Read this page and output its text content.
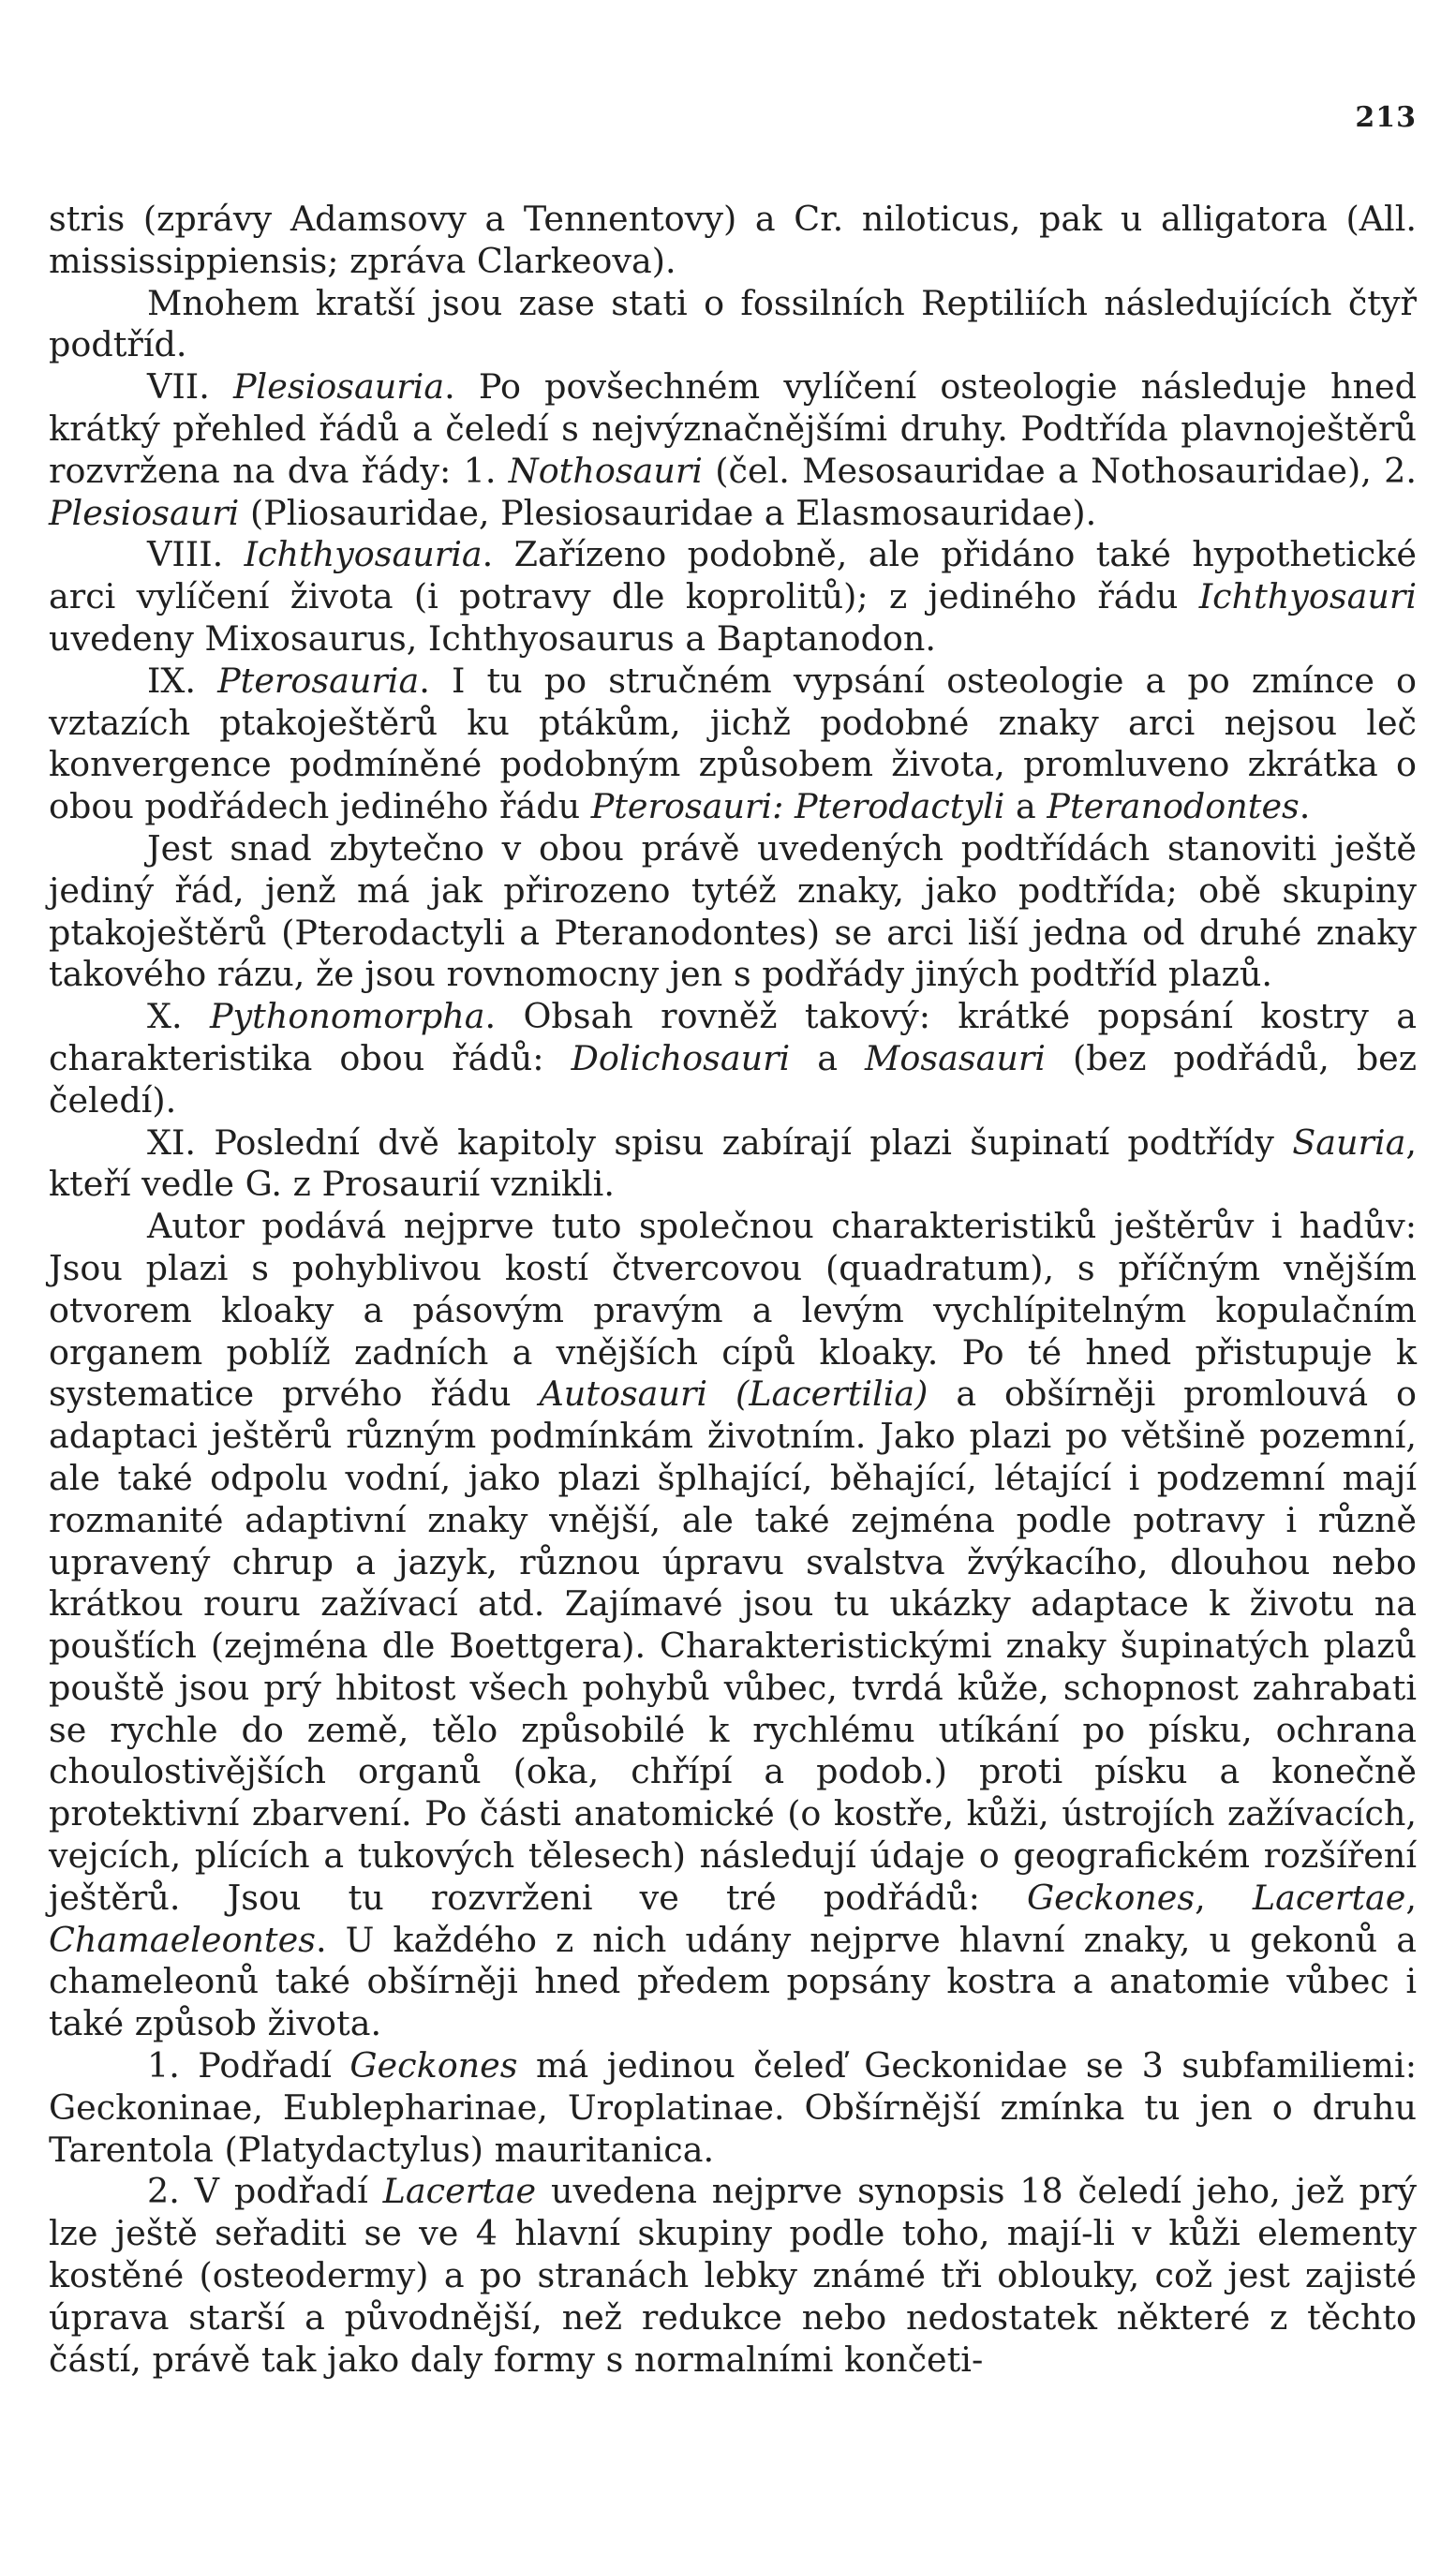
213

stris (zprávy Adamsovy a Tennentovy) a Cr. niloticus, pak u alligatora (All. mississippiensis; zpráva Clarkeova).

Mnohem kratší jsou zase stati o fossilních Reptiliích následujících čtyř podtříd.

VII. Plesiosauria. Po povšechném vylíčení osteologie následuje hned krátký přehled řádů a čeledí s nejvýznačnějšími druhy. Podtřída plavnoještěrů rozvržena na dva řády: 1. Nothosauri (čel. Mesosauridae a Nothosauridae), 2. Plesiosauri (Pliosauridae, Plesiosauridae a Elasmosauridae).

VIII. Ichthyosauria. Zařízeno podobně, ale přidáno také hypothetické arci vylíčení života (i potravy dle koprolitů); z jediného řádu Ichthyosauri uvedeny Mixosaurus, Ichthyosaurus a Baptanodon.

IX. Pterosauria. I tu po stručném vypsání osteologie a po zmínce o vztazích ptakoještěrů ku ptákům, jichž podobné znaky arci nejsou leč konvergence podmíněné podobným způsobem života, promluveno zkrátka o obou podřádech jediného řádu Pterosauri: Pterodactyli a Pteranodontes.

Jest snad zbytečno v obou právě uvedených podtřídách stanoviti ještě jediný řád, jenž má jak přirozeno tytéž znaky, jako podtřída; obě skupiny ptakoještěrů (Pterodactyli a Pteranodontes) se arci liší jedna od druhé znaky takového rázu, že jsou rovnomocny jen s podřády jiných podtříd plazů.

X. Pythonomorpha. Obsah rovněž takový: krátké popsání kostry a charakteristika obou řádů: Dolichosauri a Mosasauri (bez podřádů, bez čeledí).

XI. Poslední dvě kapitoly spisu zabírají plazi šupinatí podtřídy Sauria, kteří vedle G. z Prosaurií vznikli.

Autor podává nejprve tuto společnou charakteristiků ještěrův i hadův: Jsou plazi s pohyblivou kostí čtvercovou (quadratum), s příčným vnějším otvorem kloaky a pásovým pravým a levým vychlípitelným kopulačním organem poblíž zadních a vnějších cípů kloaky. Po té hned přistupuje k systematice prvého řádu Autosauri (Lacertilia) a obšírněji promlouvá o adaptaci ještěrů různým podmínkám životním. Jako plazi po většině pozemní, ale také odpolu vodní, jako plazi šplhající, běhající, létající i podzemní mají rozmanité adaptivní znaky vnější, ale také zejména podle potravy i různě upravený chrup a jazyk, různou úpravu svalstva žvýkacího, dlouhou nebo krátkou rouru zažívací atd. Zajímavé jsou tu ukázky adaptace k životu na poušťích (zejména dle Boettgera). Charakteristickými znaky šupinatých plazů pouště jsou prý hbitost všech pohybů vůbec, tvrdá kůže, schopnost zahrabati se rychle do země, tělo způsobilé k rychlému utíkání po písku, ochrana choulostivějších organů (oka, chřípí a podob.) proti písku a konečně protektivní zbarvení. Po části anatomické (o kostře, kůži, ústrojích zažívacích, vejcích, plících a tukových tělesech) následují údaje o geografickém rozšíření ještěrů. Jsou tu rozvrženi ve tré podřádů: Geckones, Lacertae, Chamaeleontes. U každého z nich udány nejprve hlavní znaky, u gekonů a chameleonů také obšírněji hned předem popsány kostra a anatomie vůbec i také způsob života.

1. Podřadí Geckones má jedinou čeleď Geckonidae se 3 subfamiliemi: Geckoninae, Eublepharinae, Uroplatinae. Obšírnější zmínka tu jen o druhu Tarentola (Platydactylus) mauritanica.

2. V podřadí Lacertae uvedena nejprve synopsis 18 čeledí jeho, jež prý lze ještě seřaditi se ve 4 hlavní skupiny podle toho, mají-li v kůži elementy kostěné (osteodermy) a po stranách lebky známé tři oblouky, což jest zajisté úprava starší a původnější, než redukce nebo nedostatek některé z těchto částí, právě tak jako daly formy s normalními končeti-
